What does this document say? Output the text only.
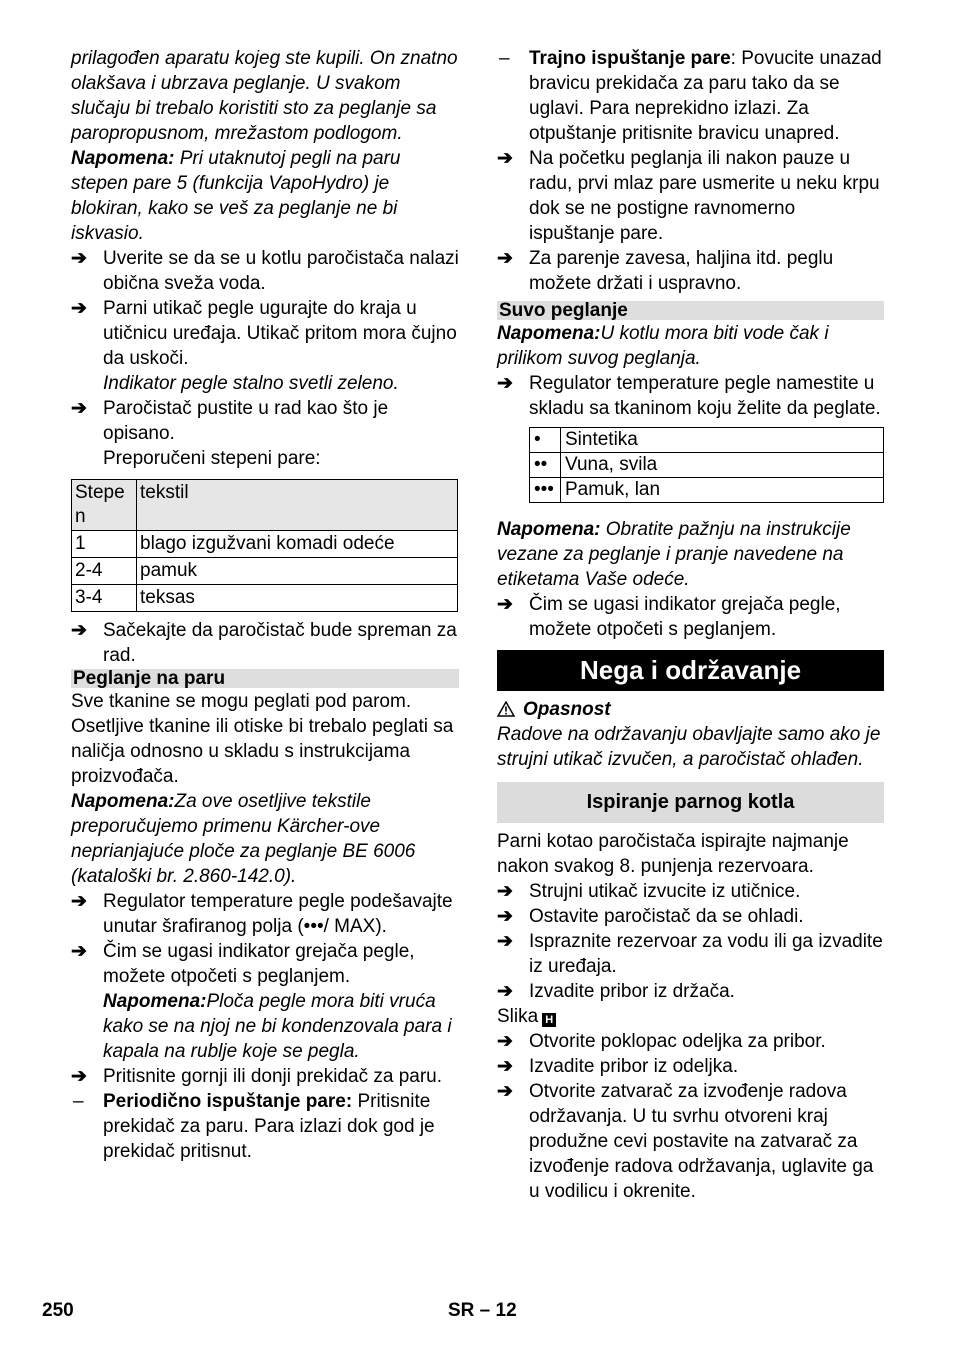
prilagođen aparatu kojeg ste kupili. On znatno olakšava i ubrzava peglanje. U svakom slučaju bi trebalo koristiti sto za peglanje sa paropropusnom, mrežastom podlogom.

Napomena: Pri utaknutoj pegli na paru stepen pare 5 (funkcija VapoHydro) je blokiran, kako se veš za peglanje ne bi iskvasio.

➔ Uverite se da se u kotlu paročistača nalazi obična sveža voda.
➔ Parni utikač pegle ugurajte do kraja u utičnicu uređaja. Utikač pritom mora čujno da uskoči.

Indikator pegle stalno svetli zeleno.

➔ Paročistač pustite u rad kao što je opisano.

Preporučeni stepeni pare:

Stepe n	tekstil
1	blago izgužvani komadi odeće
2-4	pamuk
3-4	teksas
➔ Sačekajte da paročistač bude spreman za rad.
Peglanje na paru

Sve tkanine se mogu peglati pod parom. Osetljive tkanine ili otiske bi trebalo peglati sa naličja odnosno u skladu s instrukcijama proizvođača.

Napomena:Za ove osetljive tekstile preporučujemo primenu Kärcher-ove neprianjajuće ploče za peglanje BE 6006 (kataloški br. 2.860-142.0).

➔ Regulator temperature pegle podešavajte unutar šrafiranog polja (•••/ MAX).
➔ Čim se ugasi indikator grejača pegle, možete otpočeti s peglanjem.

Napomena:Ploča pegle mora biti vruća kako se na njoj ne bi kondenzovala para i kapala na rublje koje se pegla.

➔ Pritisnite gornji ili donji prekidač za paru.
– Periodično ispuštanje pare: Pritisnite prekidač za paru. Para izlazi dok god je prekidač pritisnut.
– Trajno ispuštanje pare: Povucite unazad bravicu prekidača za paru tako da se uglavi. Para neprekidno izlazi. Za otpuštanje pritisnite bravicu unapred.
➔ Na početku peglanja ili nakon pauze u radu, prvi mlaz pare usmerite u neku krpu dok se ne postigne ravnomerno ispuštanje pare.
➔ Za parenje zavesa, haljina itd. peglu možete držati i uspravno.
Suvo peglanje

Napomena:U kotlu mora biti vode čak i prilikom suvog peglanja.

➔ Regulator temperature pegle namestite u skladu sa tkaninom koju želite da peglate.
•	Sintetika
••	Vuna, svila
•••	Pamuk, lan

Napomena: Obratite pažnju na instrukcije vezane za peglanje i pranje navedene na etiketama Vaše odeće.

➔ Čim se ugasi indikator grejača pegle, možete otpočeti s peglanjem.
Nega i održavanje

Opasnost

Radove na održavanju obavljajte samo ako je strujni utikač izvučen, a paročistač ohlađen.

Ispiranje parnog kotla

Parni kotao paročistača ispirajte najmanje nakon svakog 8. punjenja rezervoara.

➔ Strujni utikač izvucite iz utičnice.
➔ Ostavite paročistač da se ohladi.
➔ Ispraznite rezervoar za vodu ili ga izvadite iz uređaja.
➔ Izvadite pribor iz držača.

Slika H

➔ Otvorite poklopac odeljka za pribor.
➔ Izvadite pribor iz odeljka.
➔ Otvorite zatvarač za izvođenje radova održavanja. U tu svrhu otvoreni kraj produžne cevi postavite na zatvarač za izvođenje radova održavanja, uglavite ga u vodilicu i okrenite.
250	SR – 12
